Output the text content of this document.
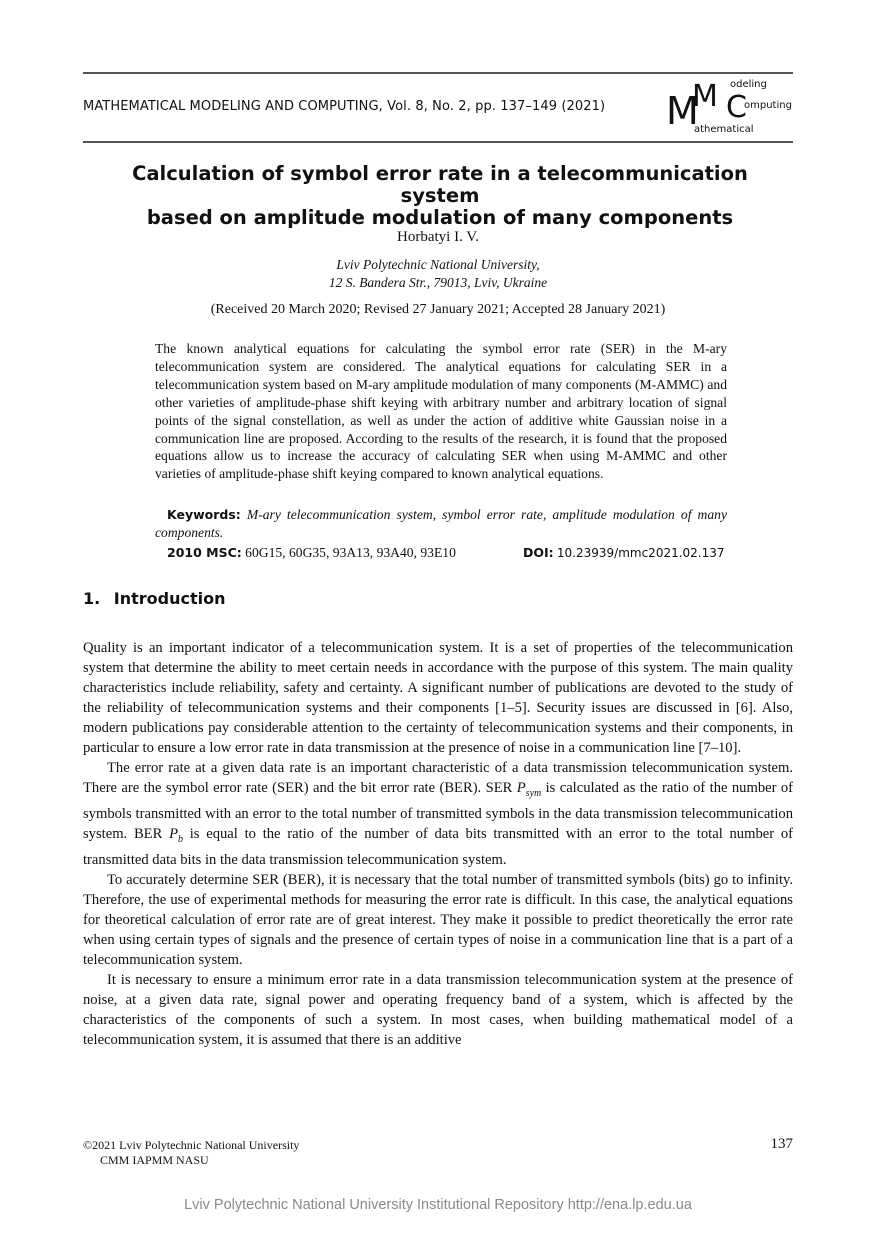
MATHEMATICAL MODELING AND COMPUTING, Vol. 8, No. 2, pp. 137–149 (2021) M
M C
odeling
omputing
athematical
Calculation of symbol error rate in a telecommunication system
based on amplitude modulation of many components
Horbatyi I. V.
Lviv Polytechnic National University,
12 S. Bandera Str., 79013, Lviv, Ukraine
(Received 20 March 2020; Revised 27 January 2021; Accepted 28 January 2021)
The known analytical equations for calculating the symbol error rate (SER) in the M-ary telecommunication system are considered. The analytical equations for calculating SER in a telecommunication system based on M-ary amplitude modulation of many components (M-AMMC) and other varieties of amplitude-phase shift keying with arbitrary number and arbitrary location of signal points of the signal constellation, as well as under the action of additive white Gaussian noise in a communication line are proposed. According to the results of the research, it is found that the proposed equations allow us to increase the accuracy of calculating SER when using M-AMMC and other varieties of amplitude-phase shift keying compared to known analytical equations.
Keywords: M-ary telecommunication system, symbol error rate, amplitude modulation of many components.
2010 MSC: 60G15, 60G35, 93A13, 93A40, 93E10	DOI: 10.23939/mmc2021.02.137
1. Introduction

Quality is an important indicator of a telecommunication system. It is a set of properties of the telecommunication system that determine the ability to meet certain needs in accordance with the purpose of this system. The main quality characteristics include reliability, safety and certainty. A significant number of publications are devoted to the study of the reliability of telecommunication systems and their components [1–5]. Security issues are discussed in [6]. Also, modern publications pay considerable attention to the certainty of telecommunication systems and their components, in particular to ensure a low error rate in data transmission at the presence of noise in a communication line [7–10].

The error rate at a given data rate is an important characteristic of a data transmission telecommunication system. There are the symbol error rate (SER) and the bit error rate (BER). SER $P_{sym}$ is calculated as the ratio of the number of symbols transmitted with an error to the total number of transmitted symbols in the data transmission telecommunication system. BER $P_b$ is equal to the ratio of the number of data bits transmitted with an error to the total number of transmitted data bits in the data transmission telecommunication system.

To accurately determine SER (BER), it is necessary that the total number of transmitted symbols (bits) go to infinity. Therefore, the use of experimental methods for measuring the error rate is difficult. In this case, the analytical equations for theoretical calculation of error rate are of great interest. They make it possible to predict theoretically the error rate when using certain types of signals and the presence of certain types of noise in a communication line that is a part of a telecommunication system.

It is necessary to ensure a minimum error rate in a data transmission telecommunication system at the presence of noise, at a given data rate, signal power and operating frequency band of a system, which is affected by the characteristics of the components of such a system. In most cases, when building mathematical model of a telecommunication system, it is assumed that there is an additive

©2021 Lviv Polytechnic National University
CMM IAPMM NASU
137
Lviv Polytechnic National University Institutional Repository http://ena.lp.edu.ua
